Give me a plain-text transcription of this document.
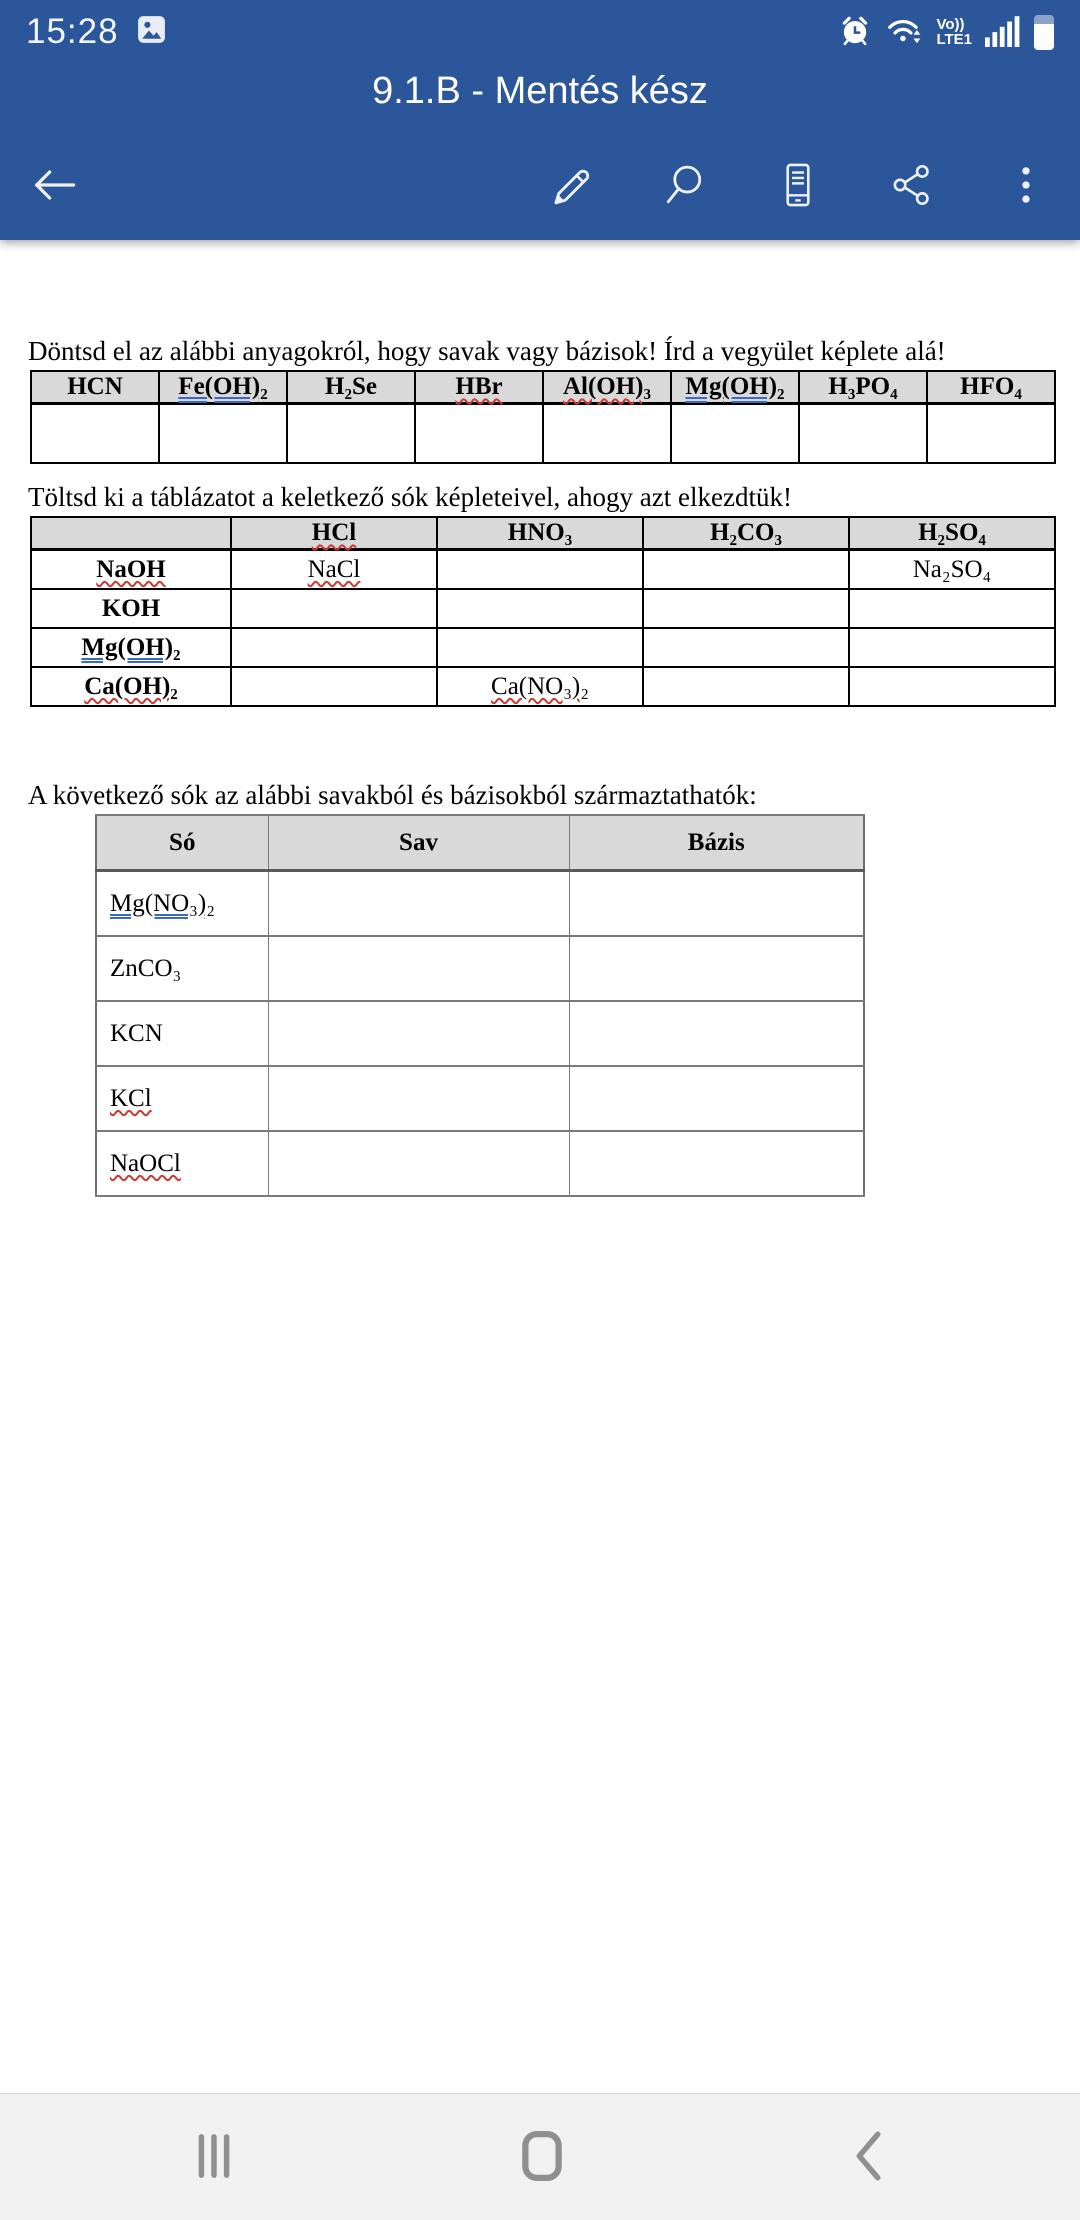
15:28	Vo))
LTE1
9.1.B - Mentés kész

Döntsd el az alábbi anyagokról, hogy savak vagy bázisok! Írd a vegyület képlete alá!

HCN	Fe(OH)₂	H₂Se	HBr	Al(OH)₃	Mg(OH)₂	H₃PO₄	HFO₄

Töltsd ki a táblázatot a keletkező sók képleteivel, ahogy azt elkezdtük!

	HCl	HNO₃	H₂CO₃	H₂SO₄
NaOH	NaCl			Na₂SO₄
KOH				
Mg(OH)₂				
Ca(OH)₂		Ca(NO₃)₂		

A következő sók az alábbi savakból és bázisokból származtathatók:

Só	Sav	Bázis
Mg(NO₃)₂		
ZnCO₃		
KCN		
KCl		
NaOCl		
